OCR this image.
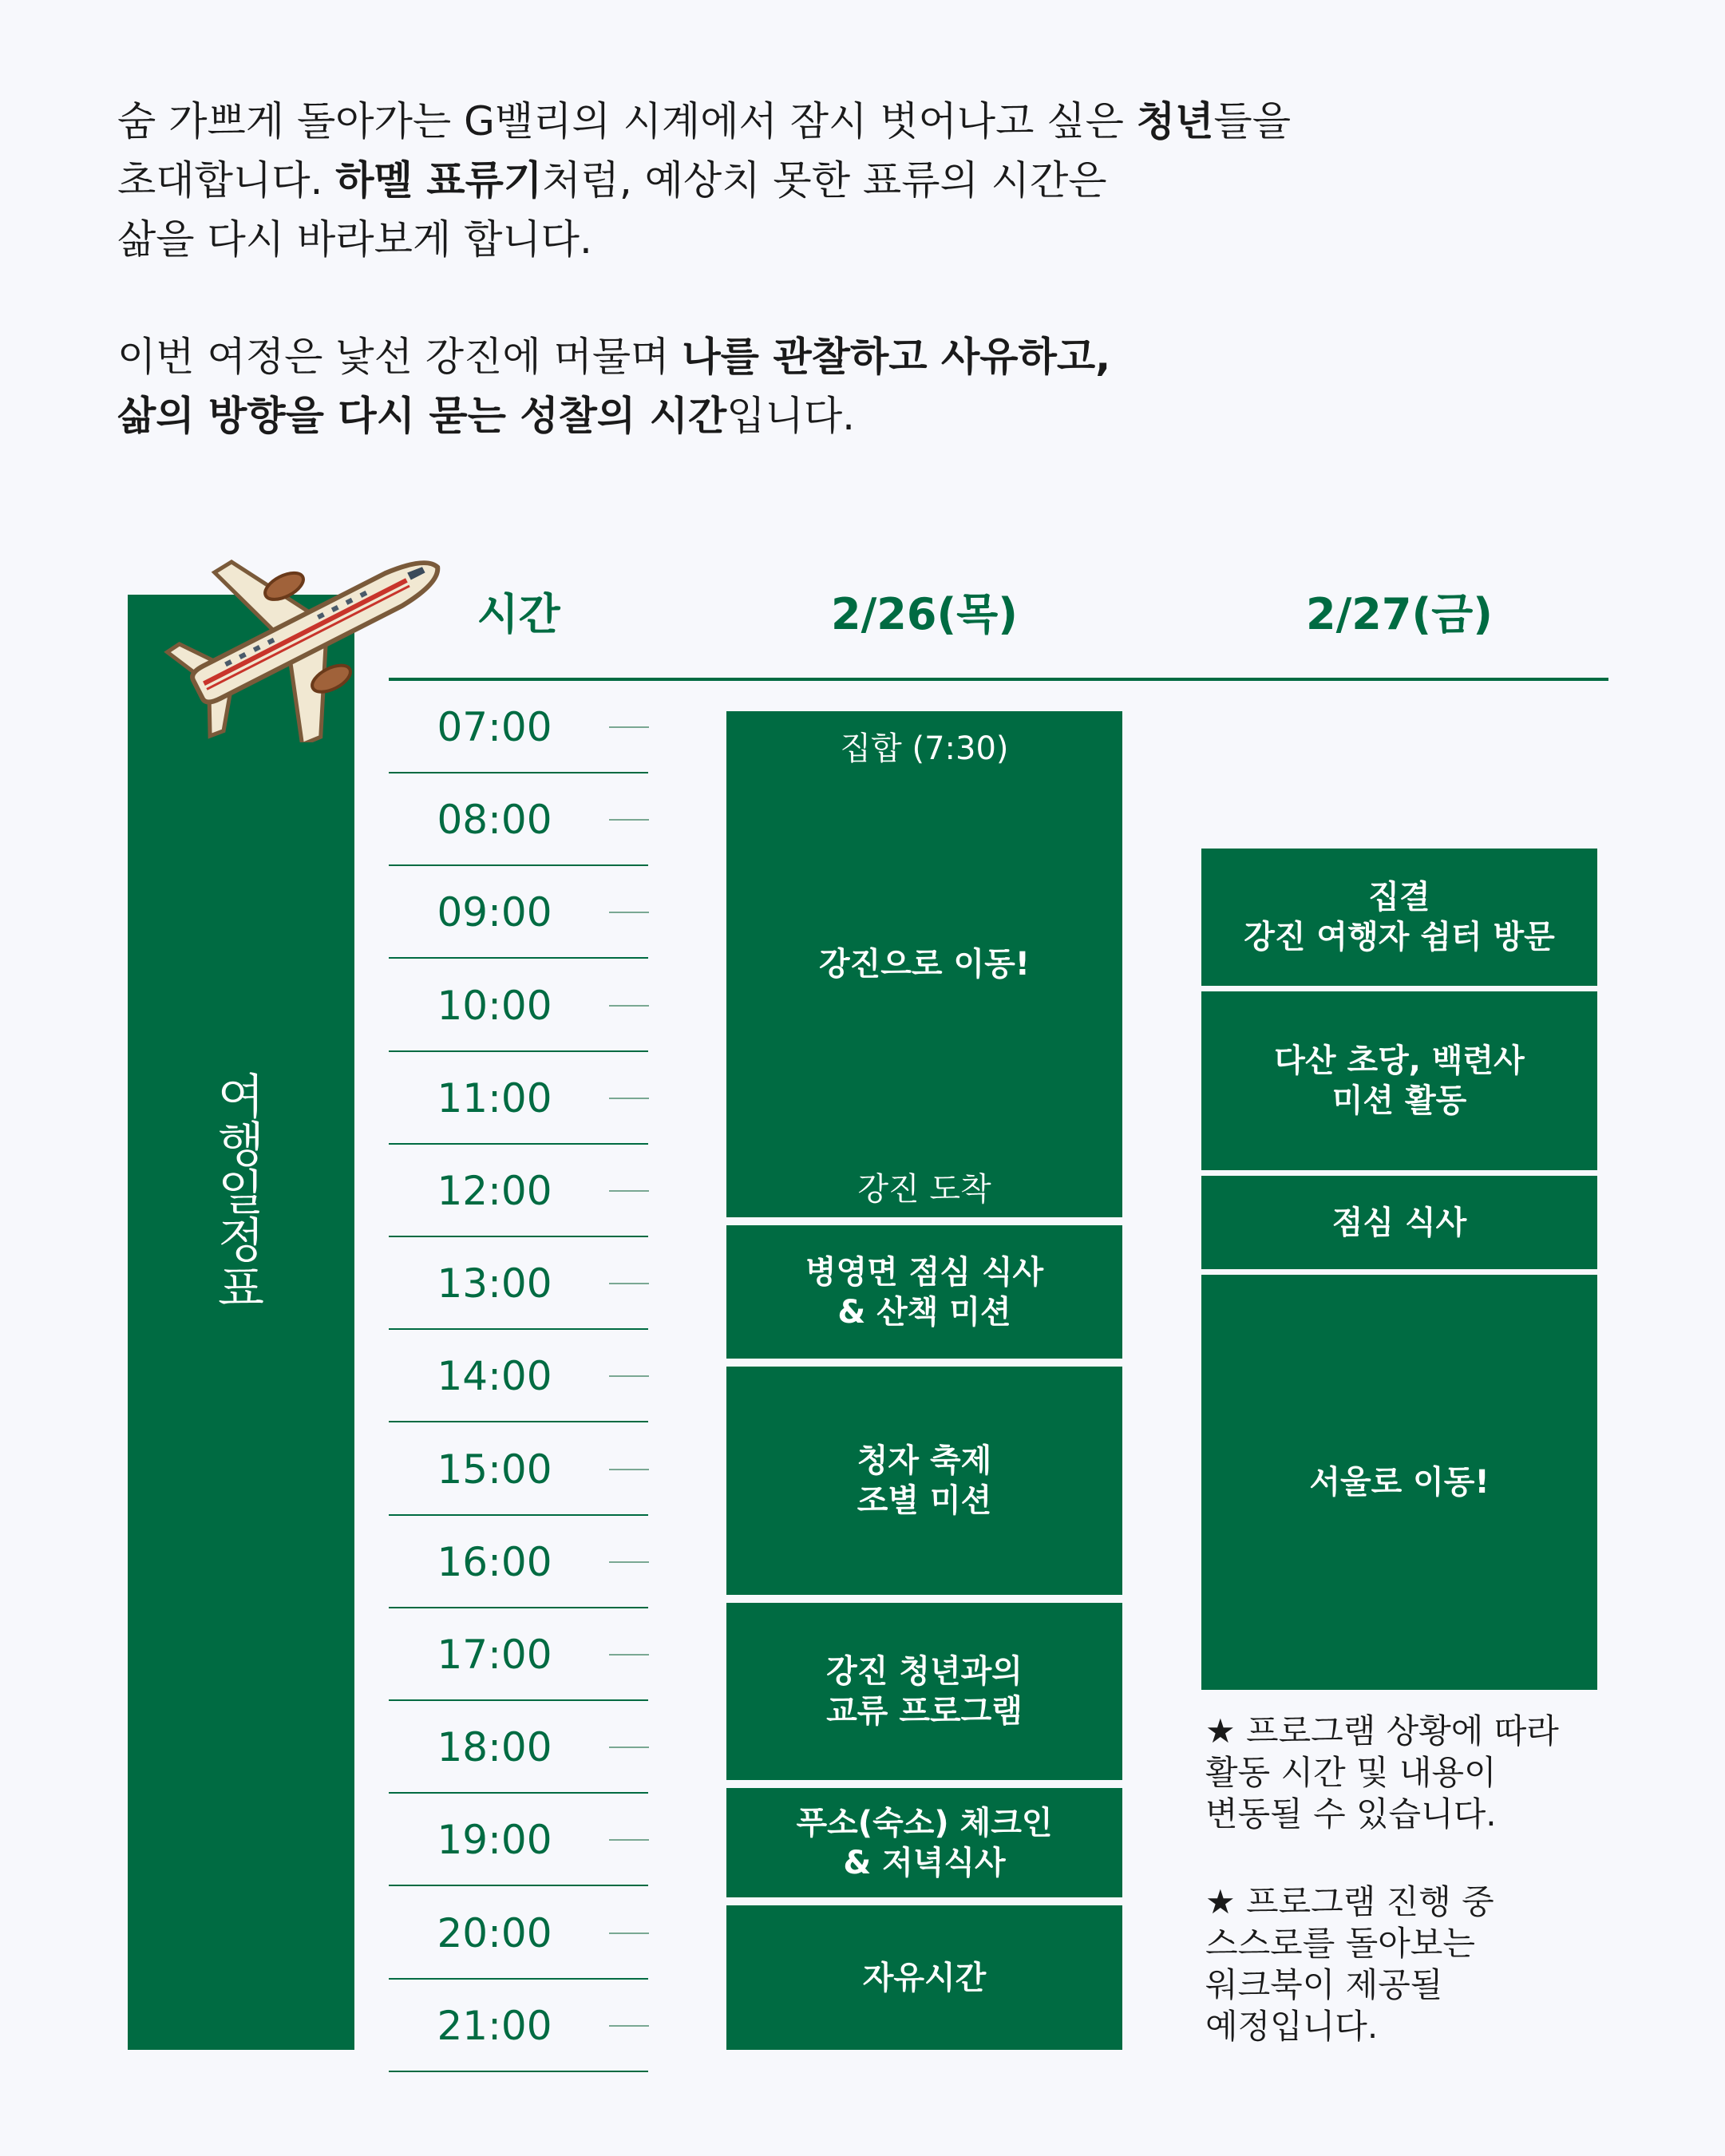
숨 가쁘게 돌아가는 G밸리의 시계에서 잠시 벗어나고 싶은 청년들을

초대합니다. 하멜 표류기처럼, 예상치 못한 표류의 시간은

삶을 다시 바라보게 합니다.

이번 여정은 낯선 강진에 머물며 나를 관찰하고 사유하고,

삶의 방향을 다시 묻는 성찰의 시간입니다.

여
행
일
정
표
시간	2/26(목)	2/27(금)
07:00
08:00
09:00
10:00
11:00
12:00
13:00
14:00
15:00
16:00
17:00
18:00
19:00
20:00
21:00
집합 (7:30)
강진으로 이동!
강진 도착
병영면 점심 식사
& 산책 미션
청자 축제
조별 미션
강진 청년과의
교류 프로그램
푸소(숙소) 체크인
& 저녁식사
자유시간
집결
강진 여행자 쉼터 방문
다산 초당, 백련사
미션 활동
점심 식사
서울로 이동!
★ 프로그램 상황에 따라
활동 시간 및 내용이
변동될 수 있습니다.
★ 프로그램 진행 중
스스로를 돌아보는
워크북이 제공될
예정입니다.
